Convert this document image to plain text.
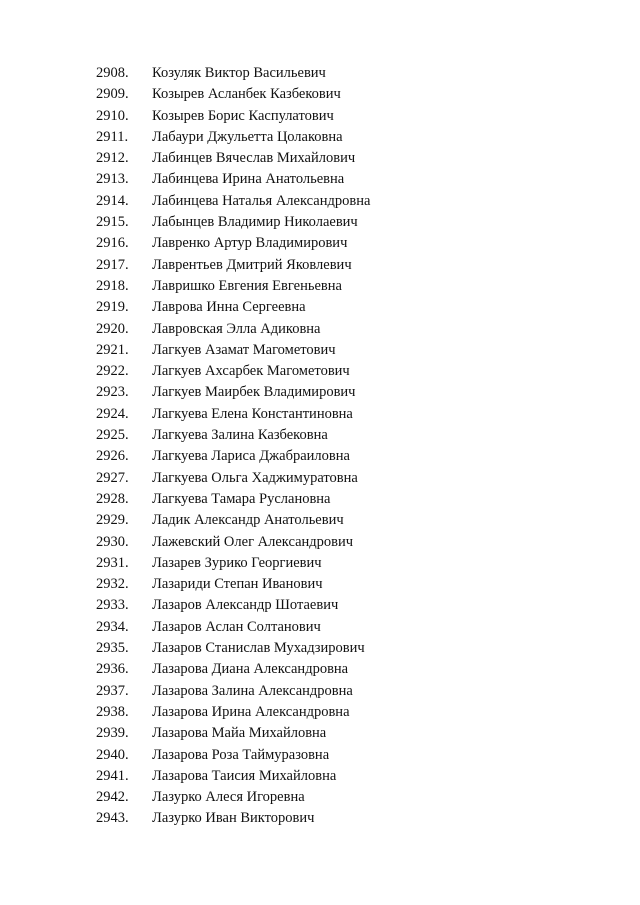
2908.	Козуляк Виктор Васильевич
2909.	Козырев Асланбек Казбекович
2910.	Козырев Борис Каспулатович
2911.	Лабаури Джульетта Цолаковна
2912.	Лабинцев Вячеслав Михайлович
2913.	Лабинцева Ирина Анатольевна
2914.	Лабинцева Наталья Александровна
2915.	Лабынцев Владимир Николаевич
2916.	Лавренко Артур Владимирович
2917.	Лаврентьев Дмитрий Яковлевич
2918.	Лавришко Евгения Евгеньевна
2919.	Лаврова Инна Сергеевна
2920.	Лавровская Элла Адиковна
2921.	Лагкуев Азамат Магометович
2922.	Лагкуев Ахсарбек Магометович
2923.	Лагкуев Маирбек Владимирович
2924.	Лагкуева Елена Константиновна
2925.	Лагкуева Залина Казбековна
2926.	Лагкуева Лариса Джабраиловна
2927.	Лагкуева Ольга Хаджимуратовна
2928.	Лагкуева Тамара Руслановна
2929.	Ладик Александр Анатольевич
2930.	Лажевский Олег Александрович
2931.	Лазарев Зурико Георгиевич
2932.	Лазариди Степан Иванович
2933.	Лазаров Александр Шотаевич
2934.	Лазаров Аслан Солтанович
2935.	Лазаров Станислав Мухадзирович
2936.	Лазарова Диана Александровна
2937.	Лазарова Залина Александровна
2938.	Лазарова Ирина Александровна
2939.	Лазарова Майа Михайловна
2940.	Лазарова Роза Таймуразовна
2941.	Лазарова Таисия Михайловна
2942.	Лазурко Алеся Игоревна
2943.	Лазурко Иван Викторович
